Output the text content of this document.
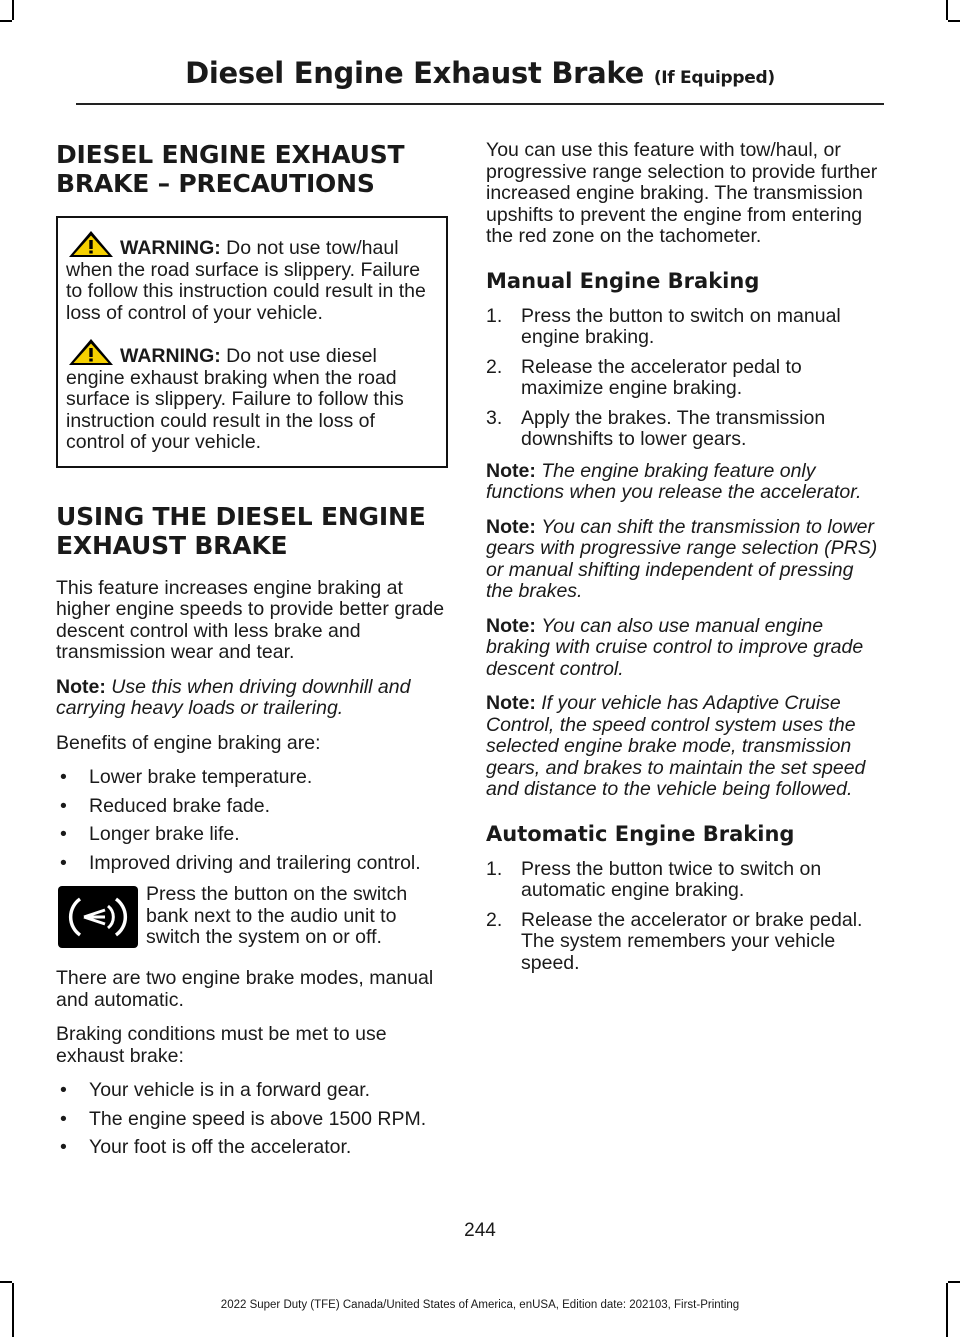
Diesel Engine Exhaust Brake (If Equipped)
DIESEL ENGINE EXHAUST
BRAKE – PRECAUTIONS

WARNING: Do not use tow/haul when the road surface is slippery. Failure to follow this instruction could result in the loss of control of your vehicle.

WARNING: Do not use diesel engine exhaust braking when the road surface is slippery. Failure to follow this instruction could result in the loss of control of your vehicle.

USING THE DIESEL ENGINE
EXHAUST BRAKE

This feature increases engine braking at higher engine speeds to provide better grade descent control with less brake and transmission wear and tear.

Note: Use this when driving downhill and carrying heavy loads or trailering.

Benefits of engine braking are:

• Lower brake temperature.
• Reduced brake fade.
• Longer brake life.
• Improved driving and trailering control.

Press the button on the switch bank next to the audio unit to switch the system on or off.

There are two engine brake modes, manual and automatic.

Braking conditions must be met to use exhaust brake:

• Your vehicle is in a forward gear.
• The engine speed is above 1500 RPM.
• Your foot is off the accelerator.

You can use this feature with tow/haul, or progressive range selection to provide further increased engine braking. The transmission upshifts to prevent the engine from entering the red zone on the tachometer.

Manual Engine Braking
1. Press the button to switch on manual engine braking.
2. Release the accelerator pedal to maximize engine braking.
3. Apply the brakes. The transmission downshifts to lower gears.

Note: The engine braking feature only functions when you release the accelerator.

Note: You can shift the transmission to lower gears with progressive range selection (PRS) or manual shifting independent of pressing the brakes.

Note: You can also use manual engine braking with cruise control to improve grade descent control.

Note: If your vehicle has Adaptive Cruise Control, the speed control system uses the selected engine brake mode, transmission gears, and brakes to maintain the set speed and distance to the vehicle being followed.

Automatic Engine Braking
1. Press the button twice to switch on automatic engine braking.
2. Release the accelerator or brake pedal. The system remembers your vehicle speed.
244
2022 Super Duty (TFE) Canada/United States of America, enUSA, Edition date: 202103, First-Printing
